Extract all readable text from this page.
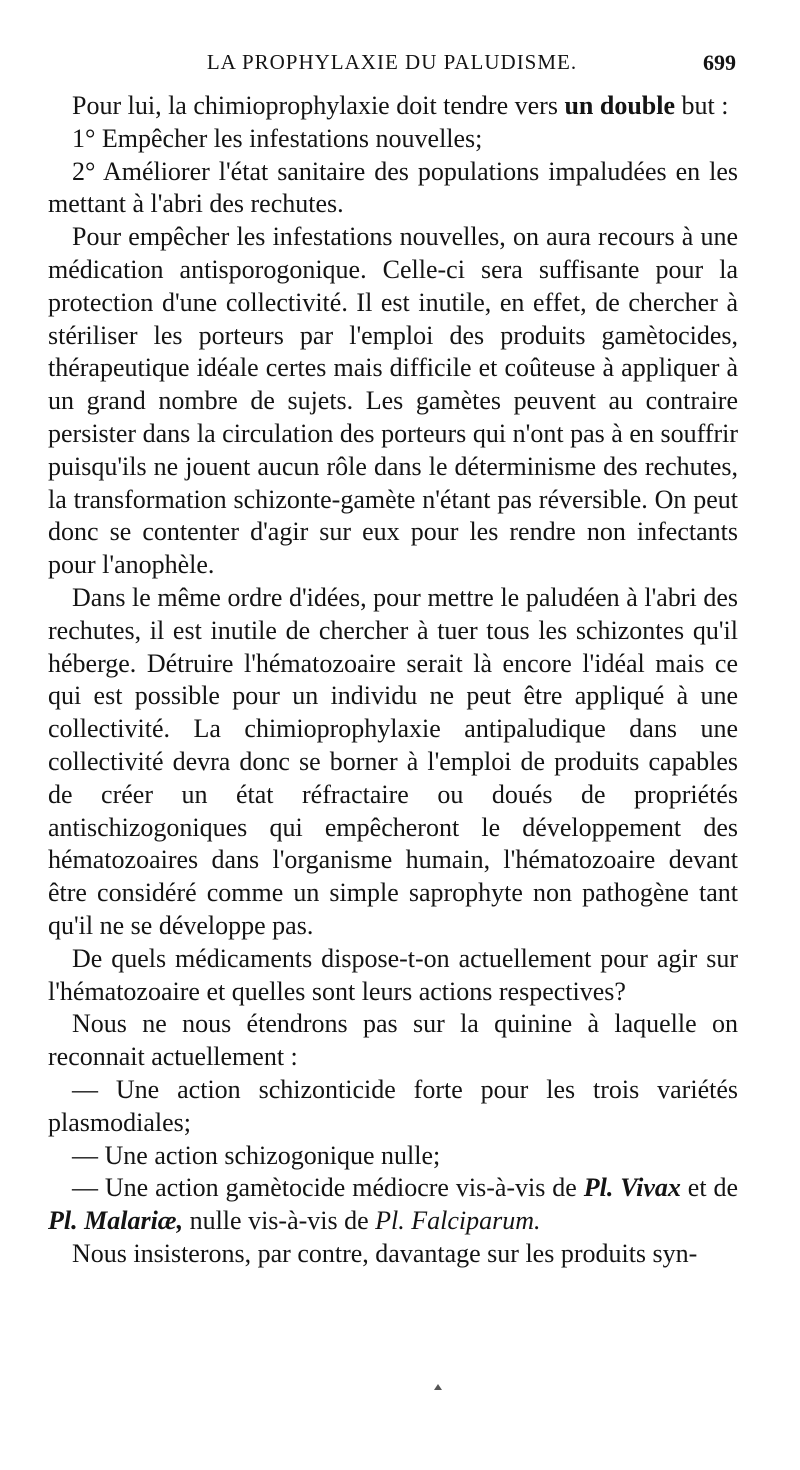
LA PROPHYLAXIE DU PALUDISME.	699

Pour lui, la chimioprophylaxie doit tendre vers un double but :

1° Empêcher les infestations nouvelles;

2° Améliorer l'état sanitaire des populations impaludées en les mettant à l'abri des rechutes.

Pour empêcher les infestations nouvelles, on aura recours à une médication antisporogonique. Celle-ci sera suffisante pour la protection d'une collectivité. Il est inutile, en effet, de chercher à stériliser les porteurs par l'emploi des produits gamètocides, thérapeutique idéale certes mais difficile et coûteuse à appliquer à un grand nombre de sujets. Les gamètes peuvent au contraire persister dans la circulation des porteurs qui n'ont pas à en souffrir puisqu'ils ne jouent aucun rôle dans le déterminisme des rechutes, la transformation schizonte-gamète n'étant pas réversible. On peut donc se contenter d'agir sur eux pour les rendre non infectants pour l'anophèle.

Dans le même ordre d'idées, pour mettre le paludéen à l'abri des rechutes, il est inutile de chercher à tuer tous les schizontes qu'il héberge. Détruire l'hématozoaire serait là encore l'idéal mais ce qui est possible pour un individu ne peut être appliqué à une collectivité. La chimioprophylaxie antipaludique dans une collectivité devra donc se borner à l'emploi de produits capables de créer un état réfractaire ou doués de propriétés antischizogoniques qui empêcheront le développement des hématozoaires dans l'organisme humain, l'hématozoaire devant être considéré comme un simple saprophyte non pathogène tant qu'il ne se développe pas.

De quels médicaments dispose-t-on actuellement pour agir sur l'hématozoaire et quelles sont leurs actions respectives?

Nous ne nous étendrons pas sur la quinine à laquelle on reconnait actuellement :

— Une action schizonticide forte pour les trois variétés plasmodiales;

— Une action schizogonique nulle;

— Une action gamètocide médiocre vis-à-vis de Pl. Vivax et de Pl. Malariæ, nulle vis-à-vis de Pl. Falciparum.

Nous insisterons, par contre, davantage sur les produits syn-
